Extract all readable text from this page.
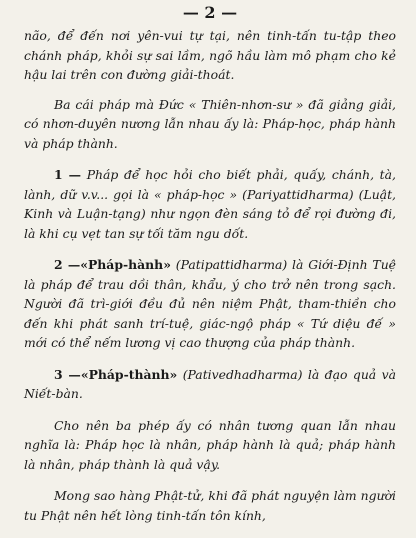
— 2 —

não, để đến nơi yên-vui tự tại, nên tinh-tấn tu-tập theo chánh pháp, khỏi sự sai lầm, ngõ hầu làm mô phạm cho kẻ hậu lai trên con đường giải-thoát.

Ba cái pháp mà Đức « Thiên-nhơn-sư » đã giảng giải, có nhơn-duyên nương lẫn nhau ấy là: Pháp-học, pháp hành và pháp thành.

1 — Pháp để học hỏi cho biết phải, quấy, chánh, tà, lành, dữ v.v... gọi là « pháp-học » (Pariyattidharma) (Luật, Kinh và Luận-tạng) như ngọn đèn sáng tỏ để rọi đường đi, là khi cụ vẹt tan sự tối tăm ngu dốt.

2 —«Pháp-hành» (Patipattidharma) là Giới-Định Tuệ là pháp để trau dồi thân, khẩu, ý cho trở nên trong sạch. Người đã trì-giới đều đủ nên niệm Phật, tham-thiền cho đến khi phát sanh trí-tuệ, giác-ngộ pháp « Tứ diệu đế » mới có thể nếm lương vị cao thượng của pháp thành.

3 —«Pháp-thành» (Pativedhadharma) là đạo quả và Niết-bàn.

Cho nên ba phép ấy có nhân tương quan lẫn nhau nghĩa là: Pháp học là nhân, pháp hành là quả; pháp hành là nhân, pháp thành là quả vậy.

Mong sao hàng Phật-tử, khi đã phát nguyện làm người tu Phật nên hết lòng tinh-tấn tôn kính,
